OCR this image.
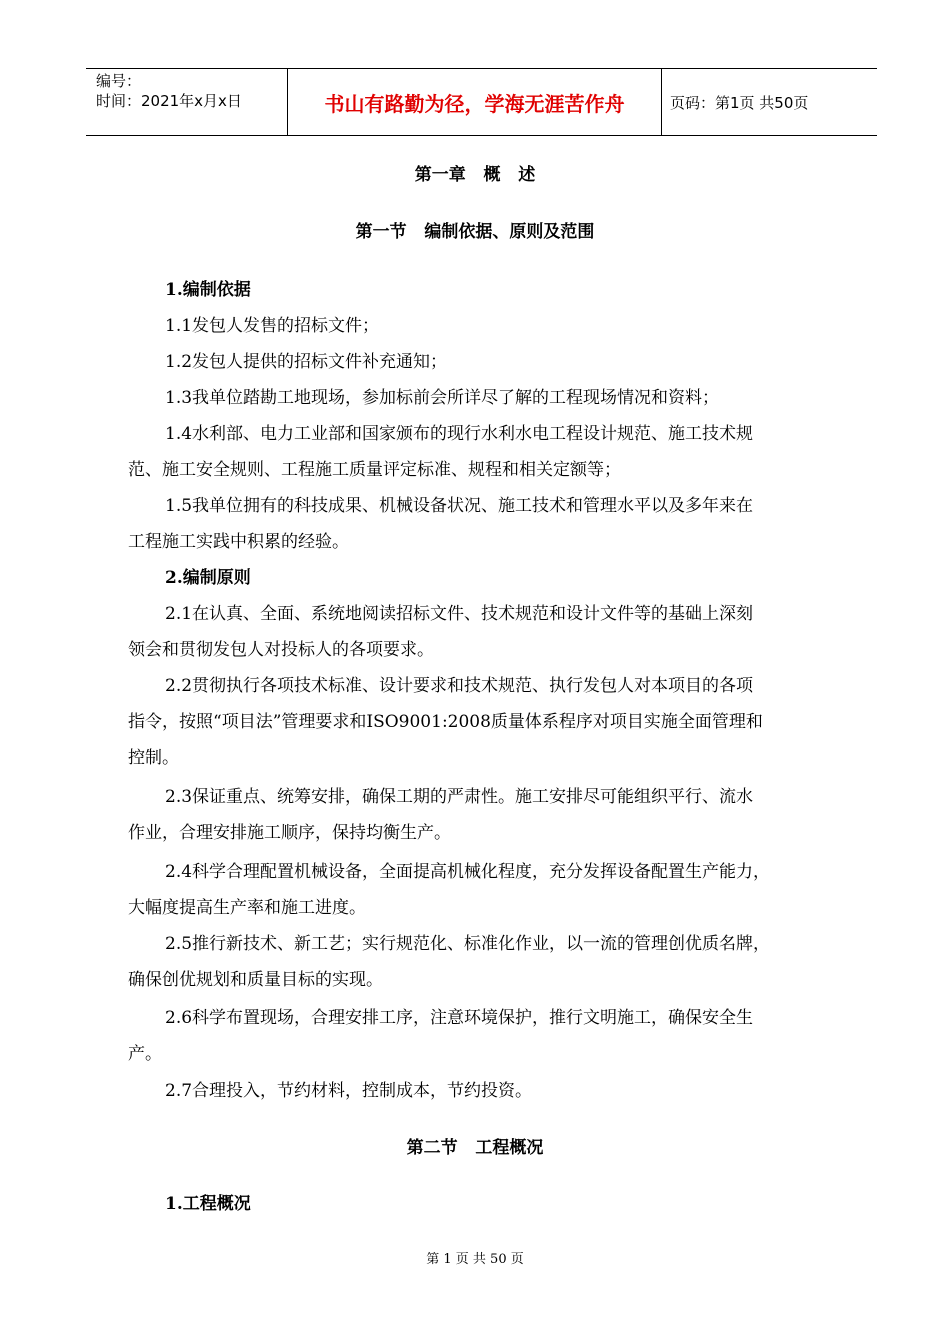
编号：
时间：2021年x月x日	书山有路勤为径，学海无涯苦作舟	页码：第1页 共50页
第一章   概   述
第一节   编制依据、原则及范围
1.编制依据
1.1发包人发售的招标文件；
1.2发包人提供的招标文件补充通知；
1.3我单位踏勘工地现场，参加标前会所详尽了解的工程现场情况和资料；
1.4水利部、电力工业部和国家颁布的现行水利水电工程设计规范、施工技术规
范、施工安全规则、工程施工质量评定标准、规程和相关定额等；
1.5我单位拥有的科技成果、机械设备状况、施工技术和管理水平以及多年来在
工程施工实践中积累的经验。
2.编制原则
2.1在认真、全面、系统地阅读招标文件、技术规范和设计文件等的基础上深刻
领会和贯彻发包人对投标人的各项要求。
2.2贯彻执行各项技术标准、设计要求和技术规范、执行发包人对本项目的各项
指令，按照“项目法”管理要求和ISO9001:2008质量体系程序对项目实施全面管理和
控制。
2.3保证重点、统筹安排，确保工期的严肃性。施工安排尽可能组织平行、流水
作业，合理安排施工顺序，保持均衡生产。
2.4科学合理配置机械设备，全面提高机械化程度，充分发挥设备配置生产能力，
大幅度提高生产率和施工进度。
2.5推行新技术、新工艺；实行规范化、标准化作业，以一流的管理创优质名牌，
确保创优规划和质量目标的实现。
2.6科学布置现场，合理安排工序，注意环境保护，推行文明施工，确保安全生
产。
2.7合理投入，节约材料，控制成本，节约投资。
第二节   工程概况
1.工程概况
第 1 页 共 50 页
